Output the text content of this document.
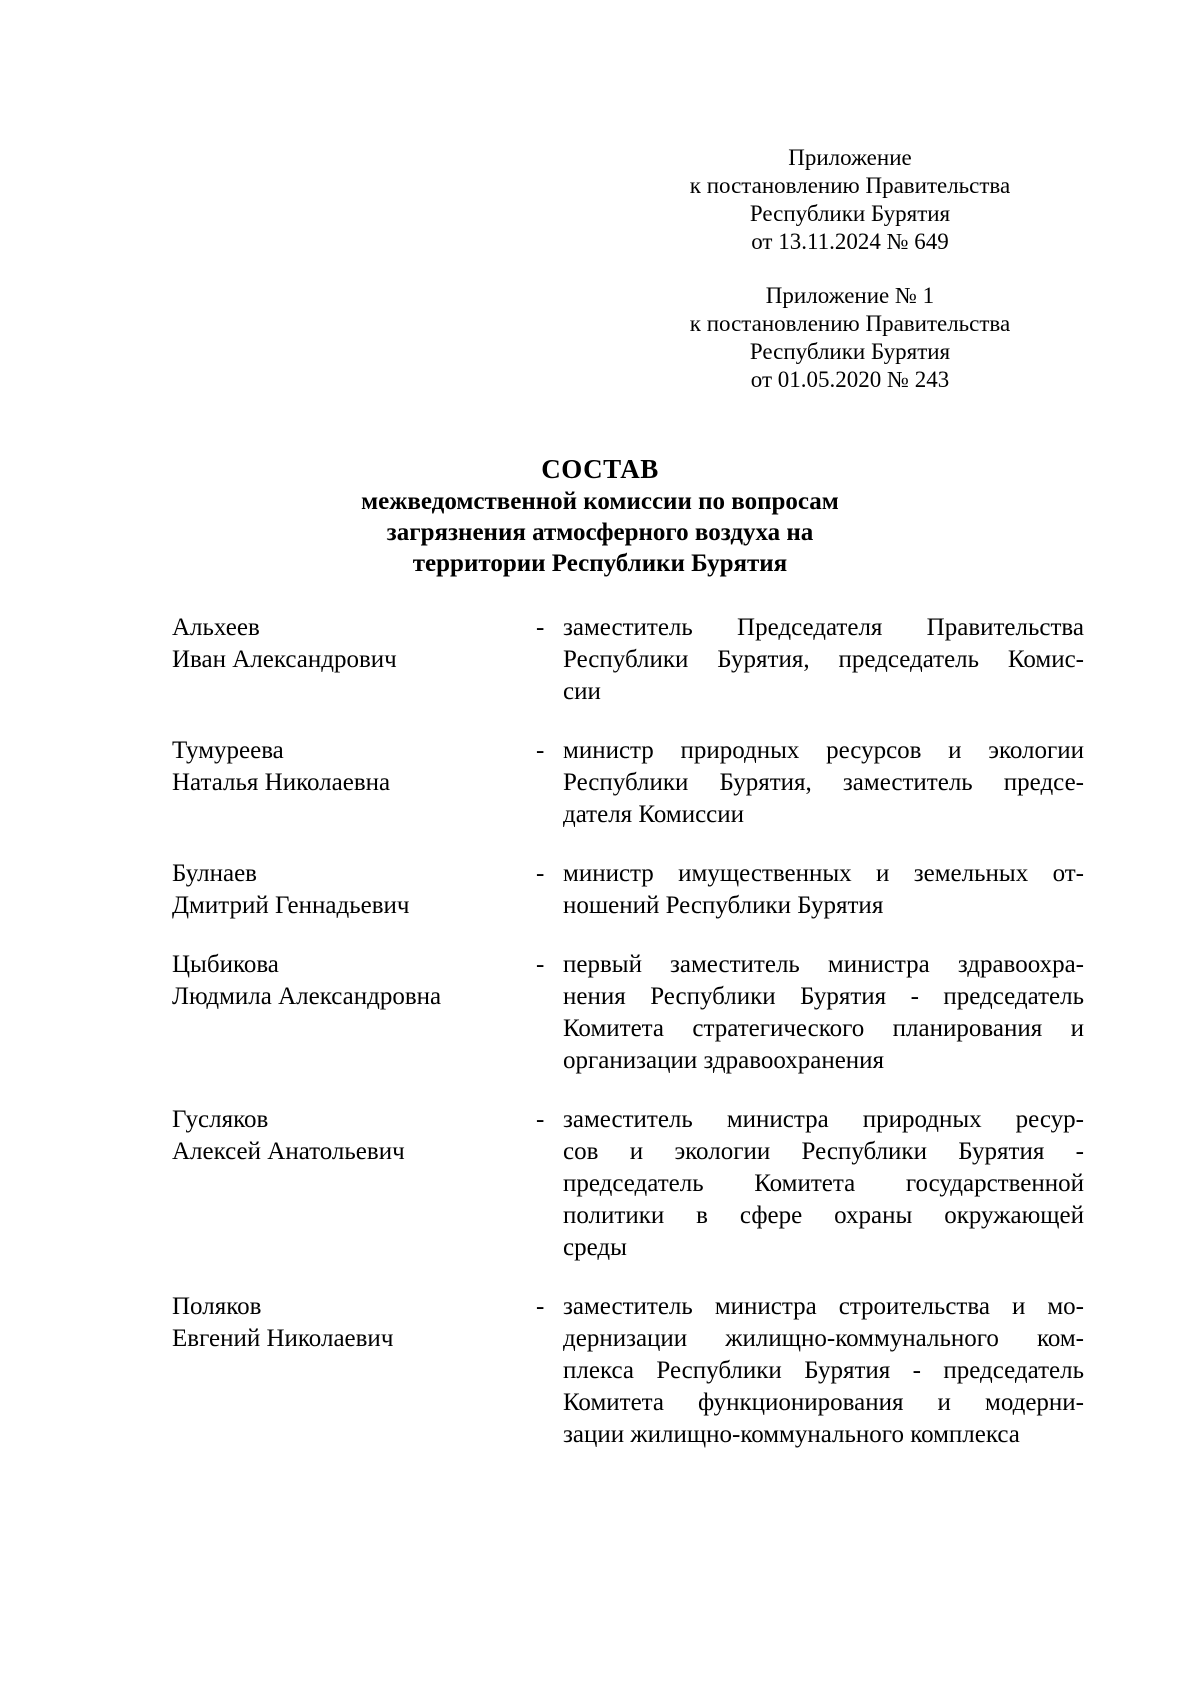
Приложение
к постановлению Правительства
Республики Бурятия
от 13.11.2024 № 649
Приложение № 1
к постановлению Правительства
Республики Бурятия
от 01.05.2020 № 243
СОСТАВ
межведомственной комиссии по вопросам
загрязнения атмосферного воздуха на
территории Республики Бурятия
Альхеев
Иван Александрович
- заместитель Председателя Правительства
Республики Бурятия, председатель Комис-
сии
Тумуреева
Наталья Николаевна
- министр природных ресурсов и экологии
Республики Бурятия, заместитель предсе-
дателя Комиссии
Булнаев
Дмитрий Геннадьевич
- министр имущественных и земельных от-
ношений Республики Бурятия
Цыбикова
Людмила Александровна
- первый заместитель министра здравоохра-
нения Республики Бурятия - председатель
Комитета стратегического планирования и
организации здравоохранения
Гусляков
Алексей Анатольевич
- заместитель министра природных ресур-
сов и экологии Республики Бурятия -
председатель Комитета государственной
политики в сфере охраны окружающей
среды
Поляков
Евгений Николаевич
- заместитель министра строительства и мо-
дернизации жилищно-коммунального ком-
плекса Республики Бурятия - председатель
Комитета функционирования и модерни-
зации жилищно-коммунального комплекса
